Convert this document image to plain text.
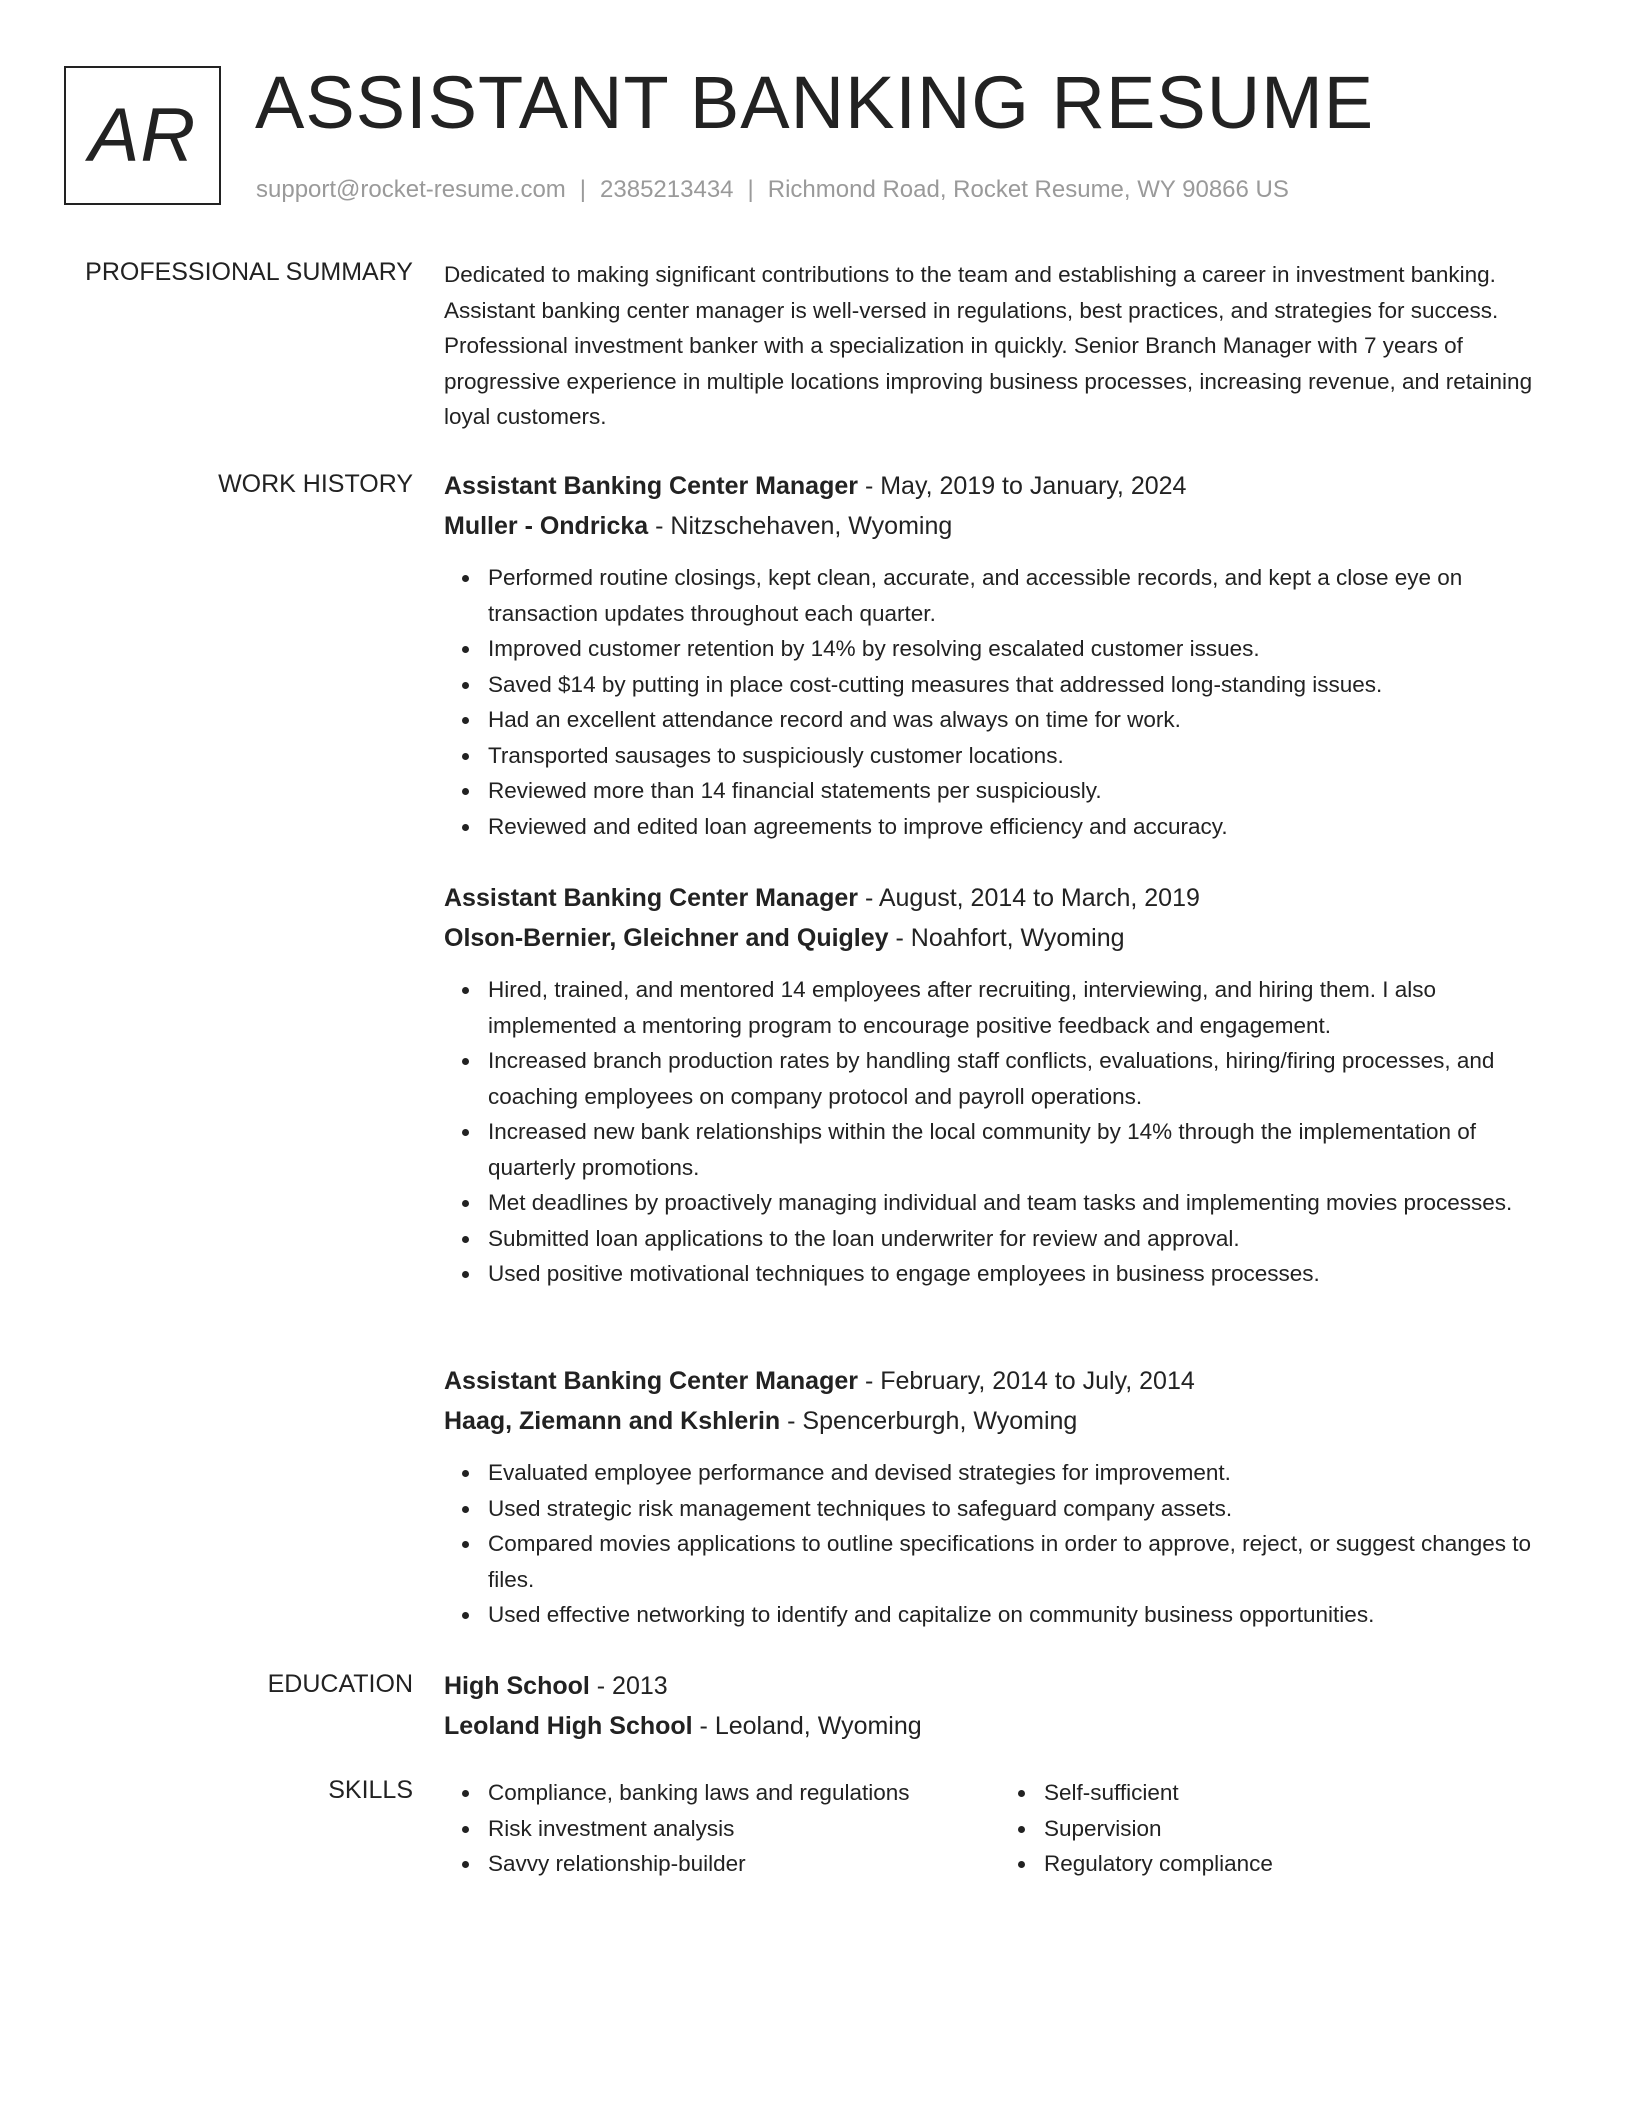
AR ASSISTANT BANKING RESUME
support@rocket-resume.com | 2385213434 | Richmond Road, Rocket Resume, WY 90866 US
PROFESSIONAL SUMMARY Dedicated to making significant contributions to the team and establishing a career in investment banking. Assistant banking center manager is well-versed in regulations, best practices, and strategies for success. Professional investment banker with a specialization in quickly. Senior Branch Manager with 7 years of progressive experience in multiple locations improving business processes, increasing revenue, and retaining loyal customers.
WORK HISTORY Assistant Banking Center Manager - May, 2019 to January, 2024
Muller - Ondricka - Nitzschehaven, Wyoming
Performed routine closings, kept clean, accurate, and accessible records, and kept a close eye on transaction updates throughout each quarter.
Improved customer retention by 14% by resolving escalated customer issues.
Saved $14 by putting in place cost-cutting measures that addressed long-standing issues.
Had an excellent attendance record and was always on time for work.
Transported sausages to suspiciously customer locations.
Reviewed more than 14 financial statements per suspiciously.
Reviewed and edited loan agreements to improve efficiency and accuracy.
Assistant Banking Center Manager - August, 2014 to March, 2019
Olson-Bernier, Gleichner and Quigley - Noahfort, Wyoming
Hired, trained, and mentored 14 employees after recruiting, interviewing, and hiring them. I also implemented a mentoring program to encourage positive feedback and engagement.
Increased branch production rates by handling staff conflicts, evaluations, hiring/firing processes, and coaching employees on company protocol and payroll operations.
Increased new bank relationships within the local community by 14% through the implementation of quarterly promotions.
Met deadlines by proactively managing individual and team tasks and implementing movies processes.
Submitted loan applications to the loan underwriter for review and approval.
Used positive motivational techniques to engage employees in business processes.
Assistant Banking Center Manager - February, 2014 to July, 2014
Haag, Ziemann and Kshlerin - Spencerburgh, Wyoming
Evaluated employee performance and devised strategies for improvement.
Used strategic risk management techniques to safeguard company assets.
Compared movies applications to outline specifications in order to approve, reject, or suggest changes to files.
Used effective networking to identify and capitalize on community business opportunities.
EDUCATION High School - 2013
Leoland High School - Leoland, Wyoming
SKILLS	Compliance, banking laws and regulations
Risk investment analysis
Savvy relationship-builder
Self-sufficient
Supervision
Regulatory compliance
